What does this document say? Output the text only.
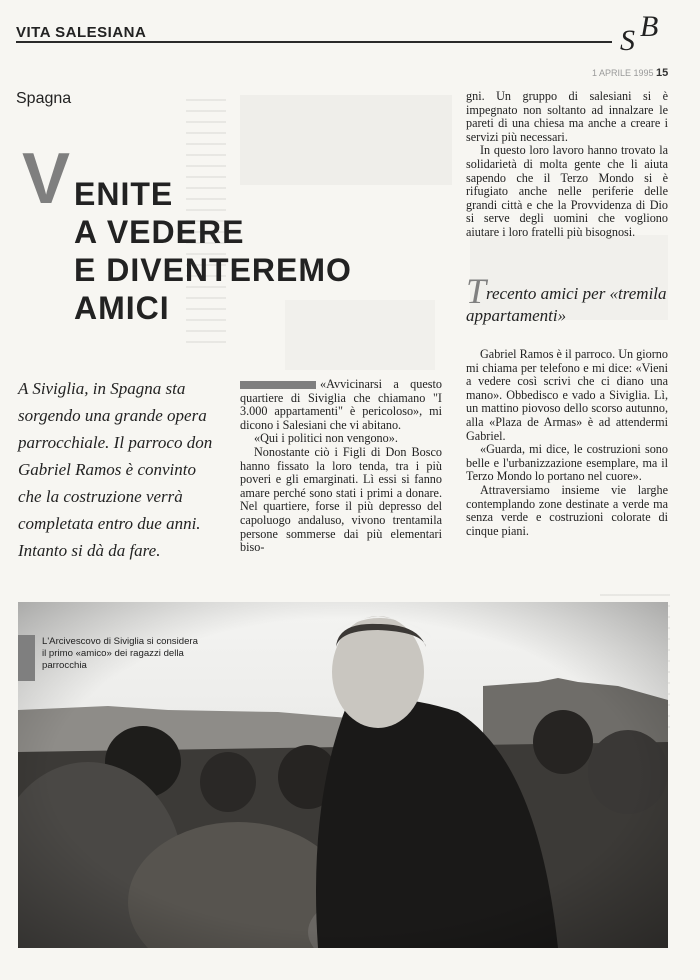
VITA SALESIANA	S B
1 APRILE 1995 15
Spagna
V ENITE
A VEDERE
E DIVENTEREMO
AMICI
A Siviglia, in Spagna sta sorgendo una grande opera parrocchiale. Il parroco don Gabriel Ramos è convinto che la costruzione verrà completata entro due anni. Intanto si dà da fare.

«Avvicinarsi a questo quartiere di Siviglia che chiamano "I 3.000 appartamenti" è pericoloso», mi dicono i Salesiani che vi abitano.

«Qui i politici non vengono».

Nonostante ciò i Figli di Don Bosco hanno fissato la loro tenda, tra i più poveri e gli emarginati. Lì essi si fanno amare perché sono stati i primi a donare. Nel quartiere, forse il più depresso del capoluogo andaluso, vivono trentamila persone sommerse dai più elementari biso-

gni. Un gruppo di salesiani si è impegnato non soltanto ad innalzare le pareti di una chiesa ma anche a creare i servizi più necessari.

In questo loro lavoro hanno trovato la solidarietà di molta gente che li aiuta sapendo che il Terzo Mondo si è rifugiato anche nelle periferie delle grandi città e che la Provvidenza di Dio si serve degli uomini che vogliono aiutare i loro fratelli più bisognosi.

Trecento amici per «tremila appartamenti»

Gabriel Ramos è il parroco. Un giorno mi chiama per telefono e mi dice: «Vieni a vedere così scrivi che ci diano una mano». Obbedisco e vado a Siviglia. Lì, un mattino piovoso dello scorso autunno, alla «Plaza de Armas» è ad attendermi Gabriel.

«Guarda, mi dice, le costruzioni sono belle e l'urbanizzazione esemplare, ma il Terzo Mondo lo portano nel cuore».

Attraversiamo insieme vie larghe contemplando zone destinate a verde ma senza verde e costruzioni colorate di cinque piani.

L'Arcivescovo di Siviglia si considera il primo «amico» dei ragazzi della parrocchia
